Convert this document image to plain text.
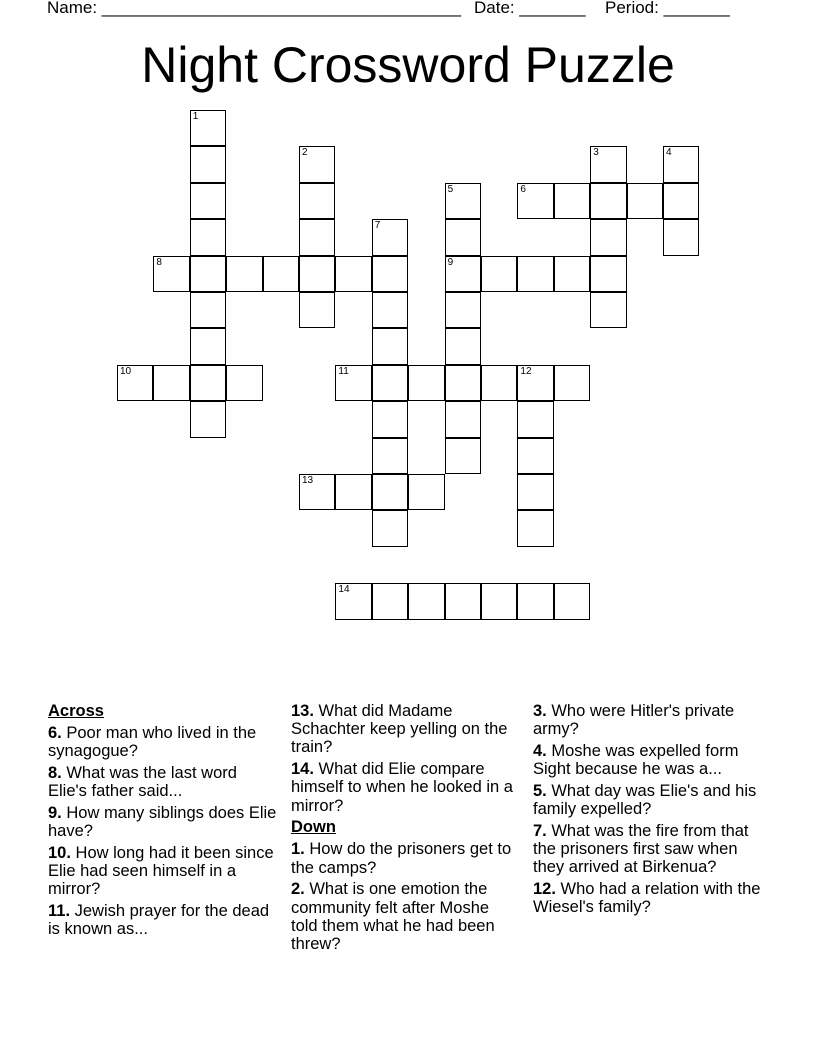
Name: ______________________________________ Date: _______ Period: _______
Night Crossword Puzzle
6
8	9
10	11	12
13
14
1
2	3	4
5
7
Across
6. Poor man who lived in the synagogue?
8. What was the last word Elie's father said...
9. How many siblings does Elie have?
10. How long had it been since Elie had seen himself in a mirror?
11. Jewish prayer for the dead is known as...
13. What did Madame Schachter keep yelling on the train?
14. What did Elie compare himself to when he looked in a mirror?
Down
1. How do the prisoners get to the camps?
2. What is one emotion the community felt after Moshe told them what he had been threw?
3. Who were Hitler's private army?
4. Moshe was expelled form Sight because he was a...
5. What day was Elie's and his family expelled?
7. What was the fire from that the prisoners first saw when they arrived at Birkenua?
12. Who had a relation with the Wiesel's family?
